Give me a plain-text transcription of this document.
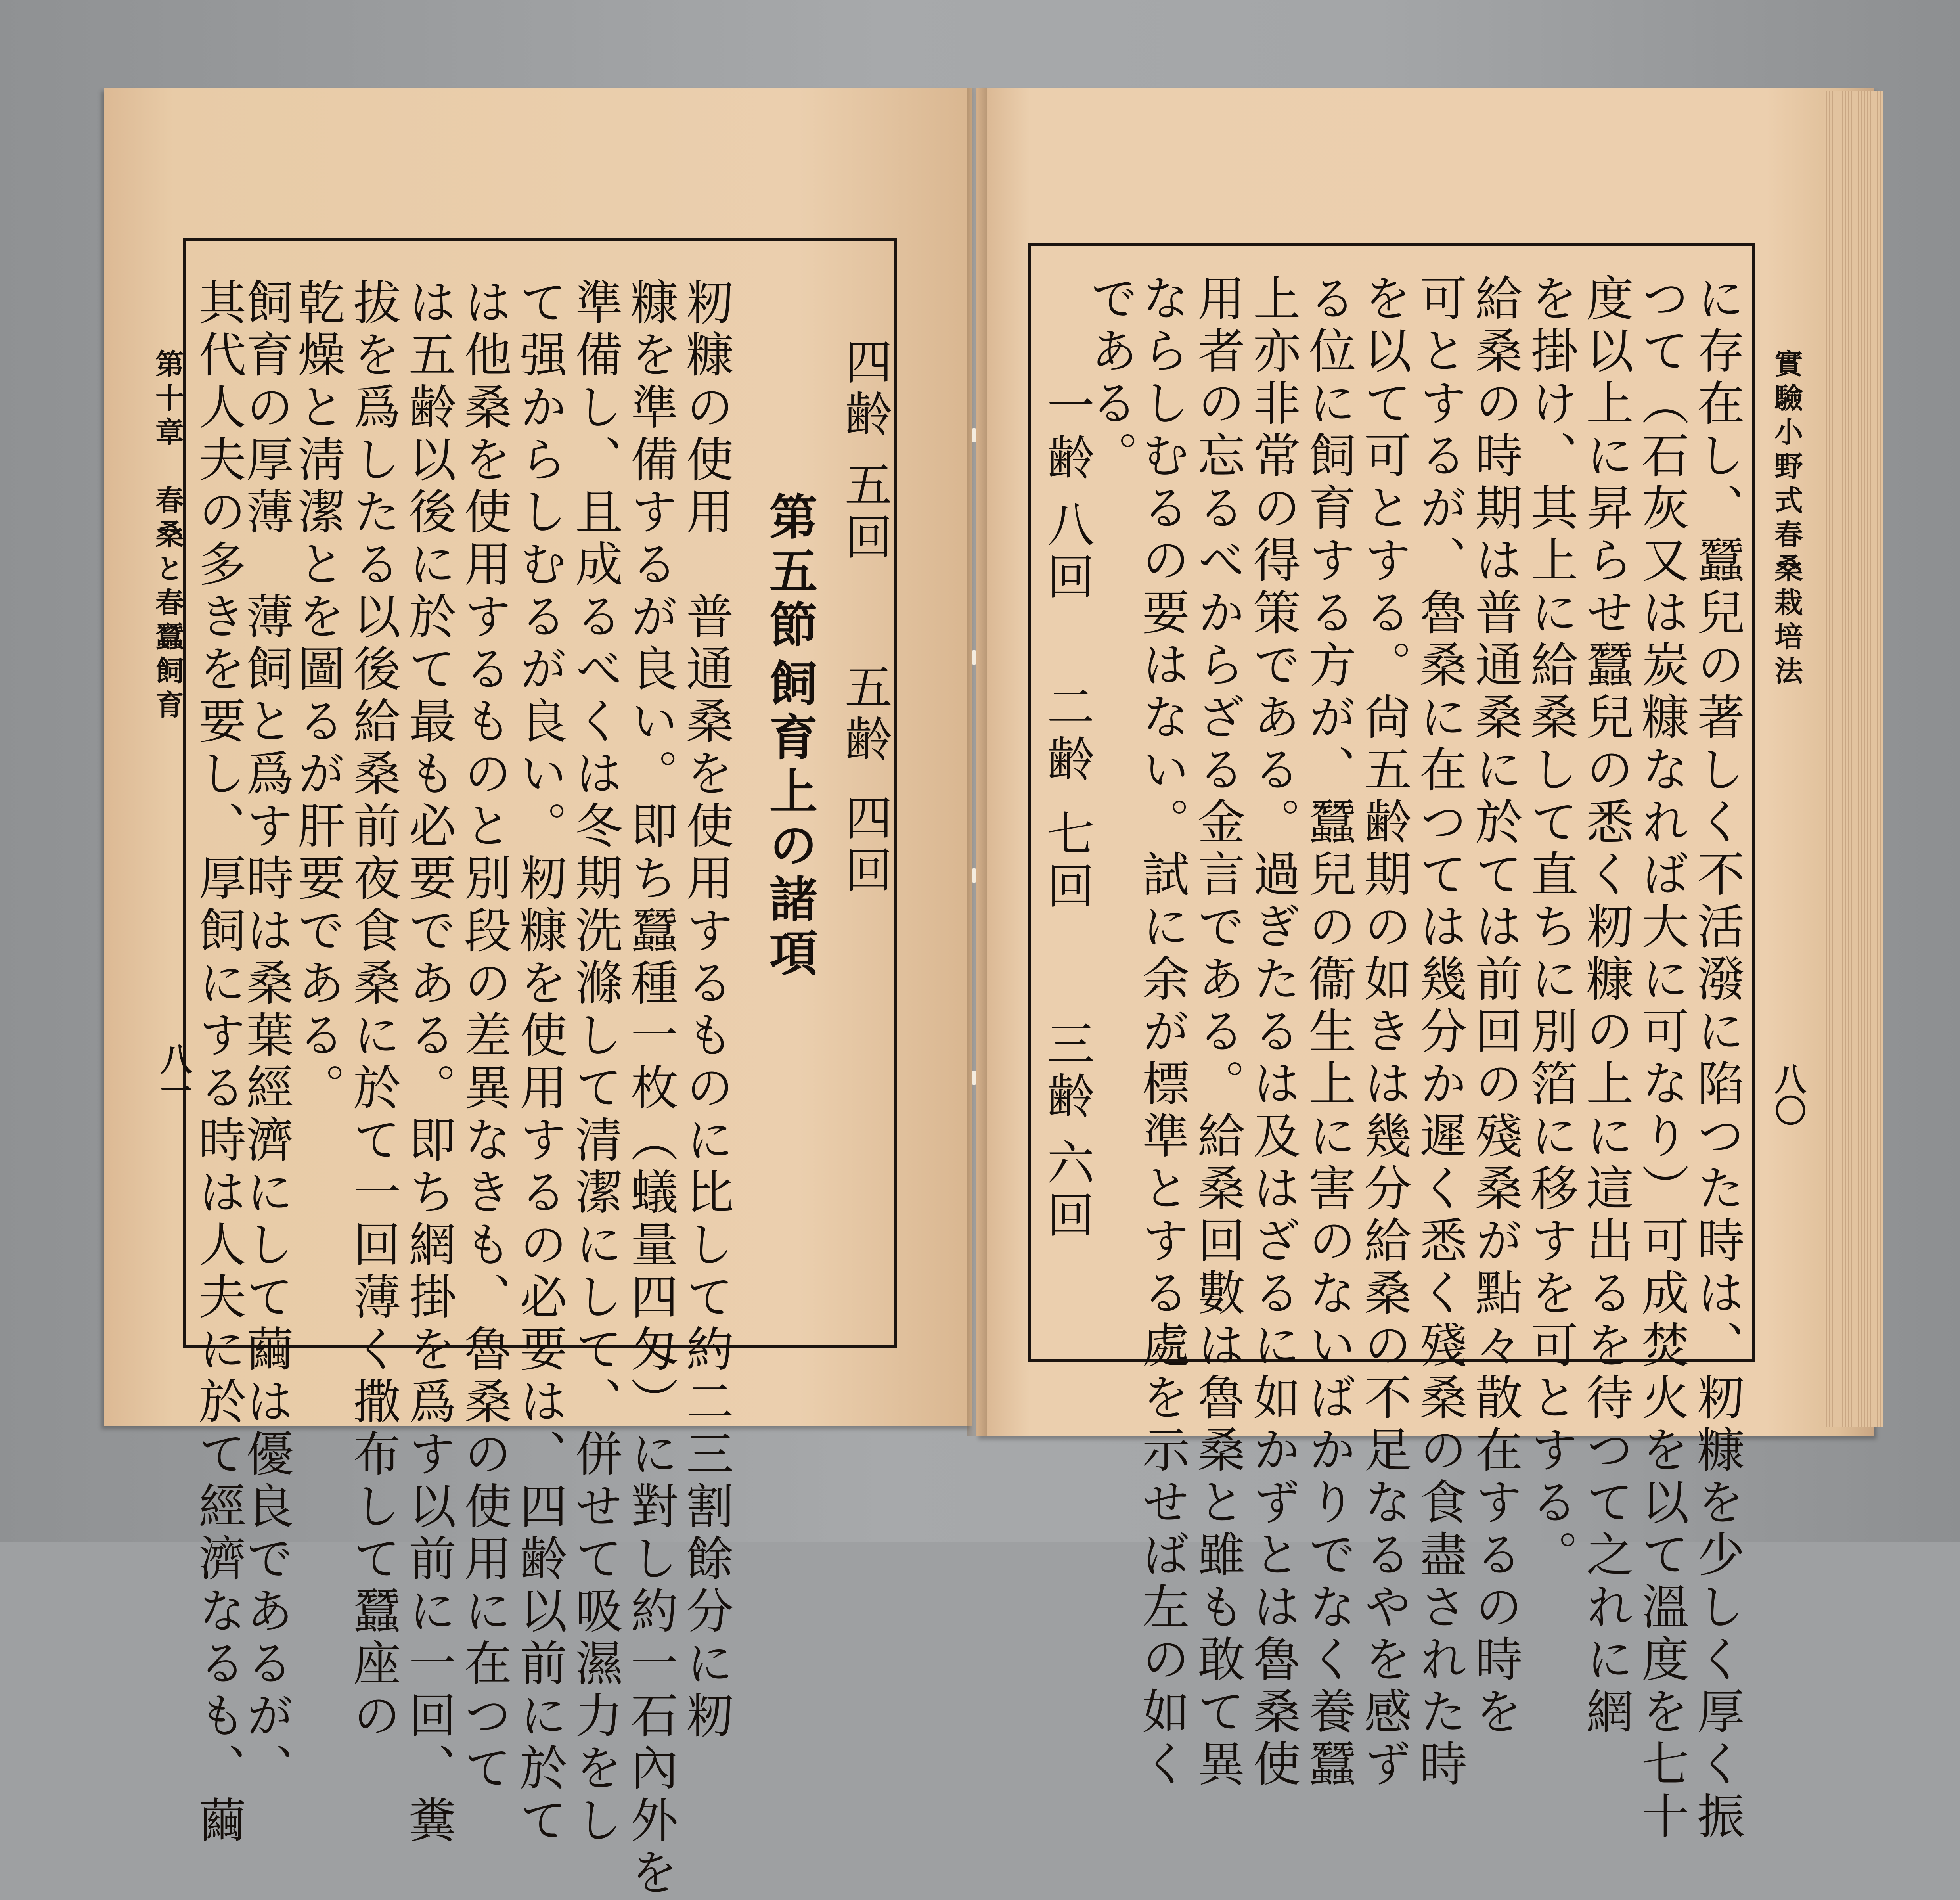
第十章　春桑と春蠶飼育
八一
四齢
五回
五齢
四回
第五節
飼育上の諸項
籾糠の使用　普通桑を使用するものに比して約二三割餘分に籾
糠を準備するが良い。即ち蠶種一枚（蟻量四匁）に對し約一石內外を
準備し、且成るべくは冬期洗滌して清潔にして、併せて吸濕力をし
て强からしむるが良い。籾糠を使用するの必要は、四齢以前に於て
は他桑を使用するものと別段の差異なきも、魯桑の使用に在つて
は五齢以後に於て最も必要である。即ち網掛を爲す以前に一回、糞
拔を爲したる以後給桑前夜食桑に於て一回薄く撒布して蠶座の
乾燥と淸潔とを圖るが肝要である。
飼育の厚薄　薄飼と爲す時は桑葉經濟にして繭は優良であるが、
其代人夫の多きを要し、厚飼にする時は人夫に於て經濟なるも、繭	實驗小野式春桑栽培法
八〇
に存在し、蠶兒の著しく不活潑に陷つた時は、籾糠を少しく厚く振
つて（石灰又は炭糠なれば大に可なり）可成焚火を以て溫度を七十
度以上に昇らせ蠶兒の悉く籾糠の上に這出るを待つて之れに網
を掛け、其上に給桑して直ちに別箔に移すを可とする。
給桑の時期は普通桑に於ては前回の殘桑が點々散在するの時を
可とするが、魯桑に在つては幾分か遲く悉く殘桑の食盡された時
を以て可とする。尙五齢期の如きは幾分給桑の不足なるやを感ず
る位に飼育する方が、蠶兒の衞生上に害のないばかりでなく養蠶
上亦非常の得策である。過ぎたるは及はざるに如かずとは魯桑使
用者の忘るべからざる金言である。給桑回數は魯桑と雖も敢て異
ならしむるの要はない。試に余が標準とする處を示せば左の如く
である。
一齢
八回
二齢
七回
三齢
六回
